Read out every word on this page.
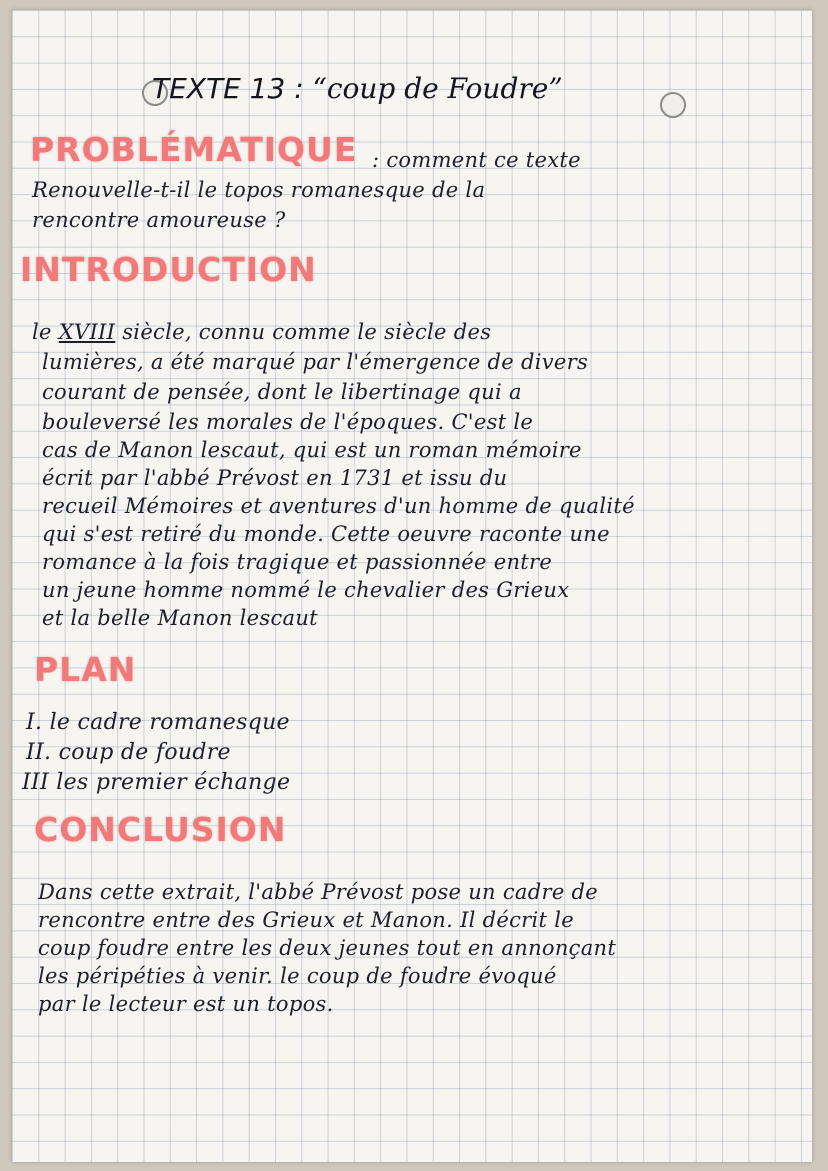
TEXTE 13 : “coup de Foudre”
PROBLÉMATIQUE : comment ce texte
Renouvelle-t-il le topos romanesque de la
rencontre amoureuse ?
INTRODUCTION
le XVIII siècle, connu comme le siècle des
lumières, a été marqué par l'émergence de divers
courant de pensée, dont le libertinage qui a
bouleversé les morales de l'époques. C'est le
cas de Manon lescaut, qui est un roman mémoire
écrit par l'abbé Prévost en 1731 et issu du
recueil Mémoires et aventures d'un homme de qualité
qui s'est retiré du monde. Cette oeuvre raconte une
romance à la fois tragique et passionnée entre
un jeune homme nommé le chevalier des Grieux
et la belle Manon lescaut
PLAN
I. le cadre romanesque
II. coup de foudre
III les premier échange
CONCLUSION
Dans cette extrait, l'abbé Prévost pose un cadre de
rencontre entre des Grieux et Manon. Il décrit le
coup foudre entre les deux jeunes tout en annonçant
les péripéties à venir. le coup de foudre évoqué
par le lecteur est un topos.
